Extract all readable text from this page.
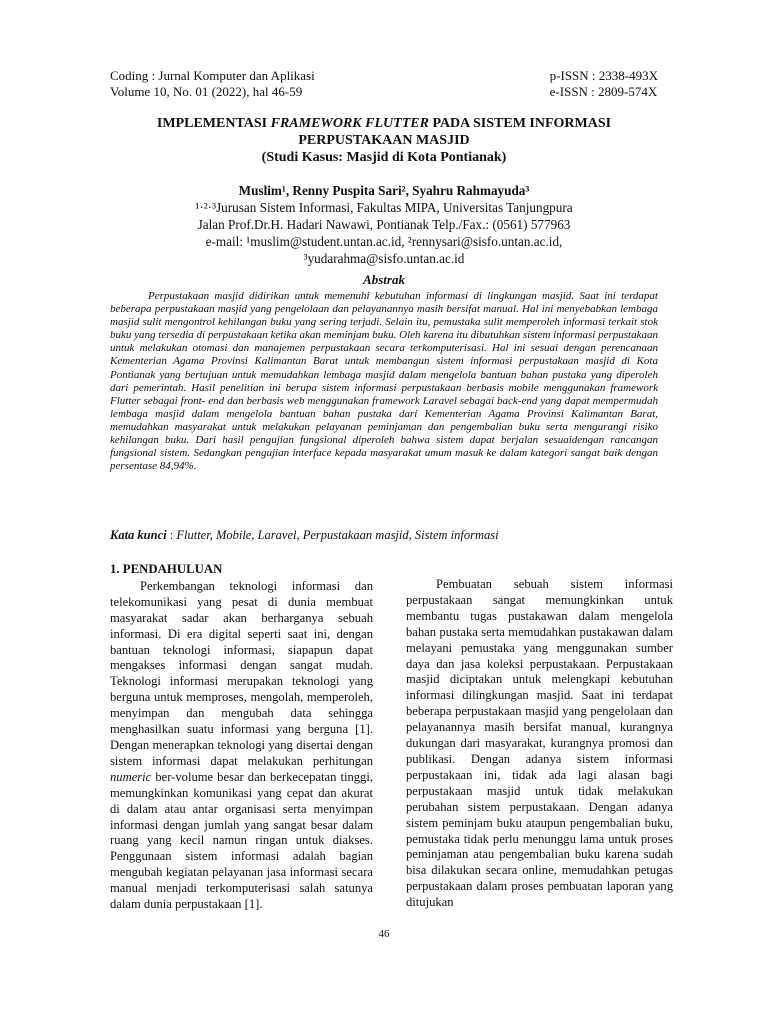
Coding : Jurnal Komputer dan Aplikasi
Volume 10, No. 01 (2022), hal 46-59
p-ISSN : 2338-493X
e-ISSN : 2809-574X
IMPLEMENTASI FRAMEWORK FLUTTER PADA SISTEM INFORMASI
PERPUSTAKAAN MASJID
(Studi Kasus: Masjid di Kota Pontianak)
Muslim¹, Renny Puspita Sari², Syahru Rahmayuda³
¹·²·³Jurusan Sistem Informasi, Fakultas MIPA, Universitas Tanjungpura
Jalan Prof.Dr.H. Hadari Nawawi, Pontianak Telp./Fax.: (0561) 577963
e-mail: ¹muslim@student.untan.ac.id, ²rennysari@sisfo.untan.ac.id,
³yudarahma@sisfo.untan.ac.id
Abstrak
Perpustakaan masjid didirikan untuk memenuhi kebutuhan informasi di lingkungan masjid. Saat ini terdapat beberapa perpustakaan masjid yang pengelolaan dan pelayanannya masih bersifat manual. Hal ini menyebabkan lembaga masjid sulit mengontrol kehilangan buku yang sering terjadi. Selain itu, pemustaka sulit memperoleh informasi terkait stok buku yang tersedia di perpustakaan ketika akan meminjam buku. Oleh karena itu dibutuhkan sistem informasi perpustakaan untuk melakukan otomasi dan manajemen perpustakaan secara terkomputerisasi. Hal ini sesuai dengan perencanaan Kementerian Agama Provinsi Kalimantan Barat untuk membangun sistem informasi perpustakaan masjid di Kota Pontianak yang bertujuan untuk memudahkan lembaga masjid dalam mengelola bantuan bahan pustaka yang diperoleh dari pemerintah. Hasil penelitian ini berupa sistem informasi perpustakaan berbasis mobile menggunakan framework Flutter sebagai front- end dan berbasis web menggunakan framework Laravel sebagai back-end yang dapat mempermudah lembaga masjid dalam mengelola bantuan bahan pustaka dari Kementerian Agama Provinsi Kalimantan Barat, memudahkan masyarakat untuk melakukan pelayanan peminjaman dan pengembalian buku serta mengurangi risiko kehilangan buku. Dari hasil pengujian fungsional diperoleh bahwa sistem dapat berjalan sesuaidengan rancangan fungsional sistem. Sedangkan pengujian interface kepada masyarakat umum masuk ke dalam kategori sangat baik dengan persentase 84,94%.
Kata kunci : Flutter, Mobile, Laravel, Perpustakaan masjid, Sistem informasi
1. PENDAHULUAN

Perkembangan teknologi informasi dan telekomunikasi yang pesat di dunia membuat masyarakat sadar akan berharganya sebuah informasi. Di era digital seperti saat ini, dengan bantuan teknologi informasi, siapapun dapat mengakses informasi dengan sangat mudah. Teknologi informasi merupakan teknologi yang berguna untuk memproses, mengolah, memperoleh, menyimpan dan mengubah data sehingga menghasilkan suatu informasi yang berguna [1]. Dengan menerapkan teknologi yang disertai dengan sistem informasi dapat melakukan perhitungan numeric ber-volume besar dan berkecepatan tinggi, memungkinkan komunikasi yang cepat dan akurat di dalam atau antar organisasi serta menyimpan informasi dengan jumlah yang sangat besar dalam ruang yang kecil namun ringan untuk diakses. Penggunaan sistem informasi adalah bagian mengubah kegiatan pelayanan jasa informasi secara manual menjadi terkomputerisasi salah satunya dalam dunia perpustakaan [1].

Pembuatan sebuah sistem informasi perpustakaan sangat memungkinkan untuk membantu tugas pustakawan dalam mengelola bahan pustaka serta memudahkan pustakawan dalam melayani pemustaka yang menggunakan sumber daya dan jasa koleksi perpustakaan. Perpustakaan masjid diciptakan untuk melengkapi kebutuhan informasi dilingkungan masjid. Saat ini terdapat beberapa perpustakaan masjid yang pengelolaan dan pelayanannya masih bersifat manual, kurangnya dukungan dari masyarakat, kurangnya promosi dan publikasi. Dengan adanya sistem informasi perpustakaan ini, tidak ada lagi alasan bagi perpustakaan masjid untuk tidak melakukan perubahan sistem perpustakaan. Dengan adanya sistem peminjam buku ataupun pengembalian buku, pemustaka tidak perlu menunggu lama untuk proses peminjaman atau pengembalian buku karena sudah bisa dilakukan secara online, memudahkan petugas perpustakaan dalam proses pembuatan laporan yang ditujukan

46
